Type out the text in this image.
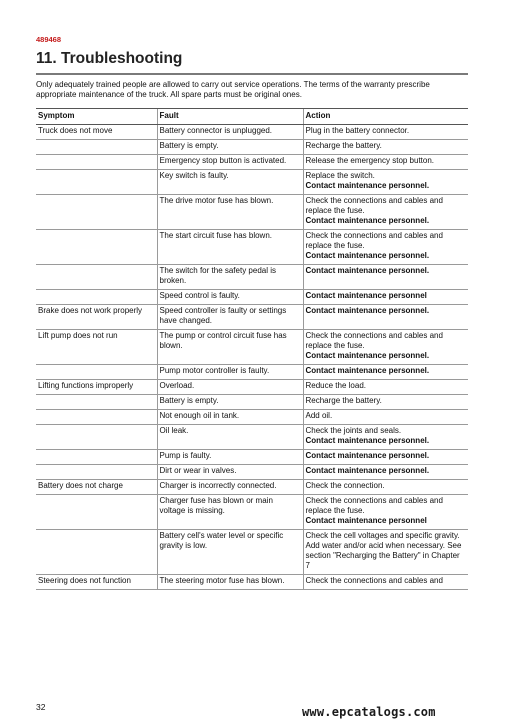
489468
11. Troubleshooting

Only adequately trained people are allowed to carry out service operations. The terms of the warranty prescribe appropriate maintenance of the truck. All spare parts must be original ones.

Symptom	Fault	Action
Truck does not move	Battery connector is unplugged.	Plug in the battery connector.

	Battery is empty.	Recharge the battery.

	Emergency stop button is activated.	Release the emergency stop button.

	Key switch is faulty.	Replace the switch.
Contact maintenance personnel.

	The drive motor fuse has blown.	Check the connections and cables and replace the fuse.
Contact maintenance personnel.

	The start circuit fuse has blown.	Check the connections and cables and replace the fuse.
Contact maintenance personnel.

	The switch for the safety pedal is broken.	Contact maintenance personnel.

	Speed control is faulty.	Contact maintenance personnel

Brake does not work properly	Speed controller is faulty or settings have changed.	Contact maintenance personnel.

Lift pump does not run	The pump or control circuit fuse has blown.	Check the connections and cables and replace the fuse.
Contact maintenance personnel.

	Pump motor controller is faulty.	Contact maintenance personnel.

Lifting functions improperly	Overload.	Reduce the load.

	Battery is empty.	Recharge the battery.

	Not enough oil in tank.	Add oil.

	Oil leak.	Check the joints and seals.
Contact maintenance personnel.

	Pump is faulty.	Contact maintenance personnel.

	Dirt or wear in valves.	Contact maintenance personnel.

Battery does not charge	Charger is incorrectly connected.	Check the connection.

	Charger fuse has blown or main voltage is missing.	Check the connections and cables and replace the fuse.
Contact maintenance personnel

	Battery cell's water level or specific gravity is low.	Check the cell voltages and specific gravity. Add water and/or acid when necessary. See section "Recharging the Battery" in Chapter 7

Steering does not function	The steering motor fuse has blown.	Check the connections and cables and
32	www.epcatalogs.com
